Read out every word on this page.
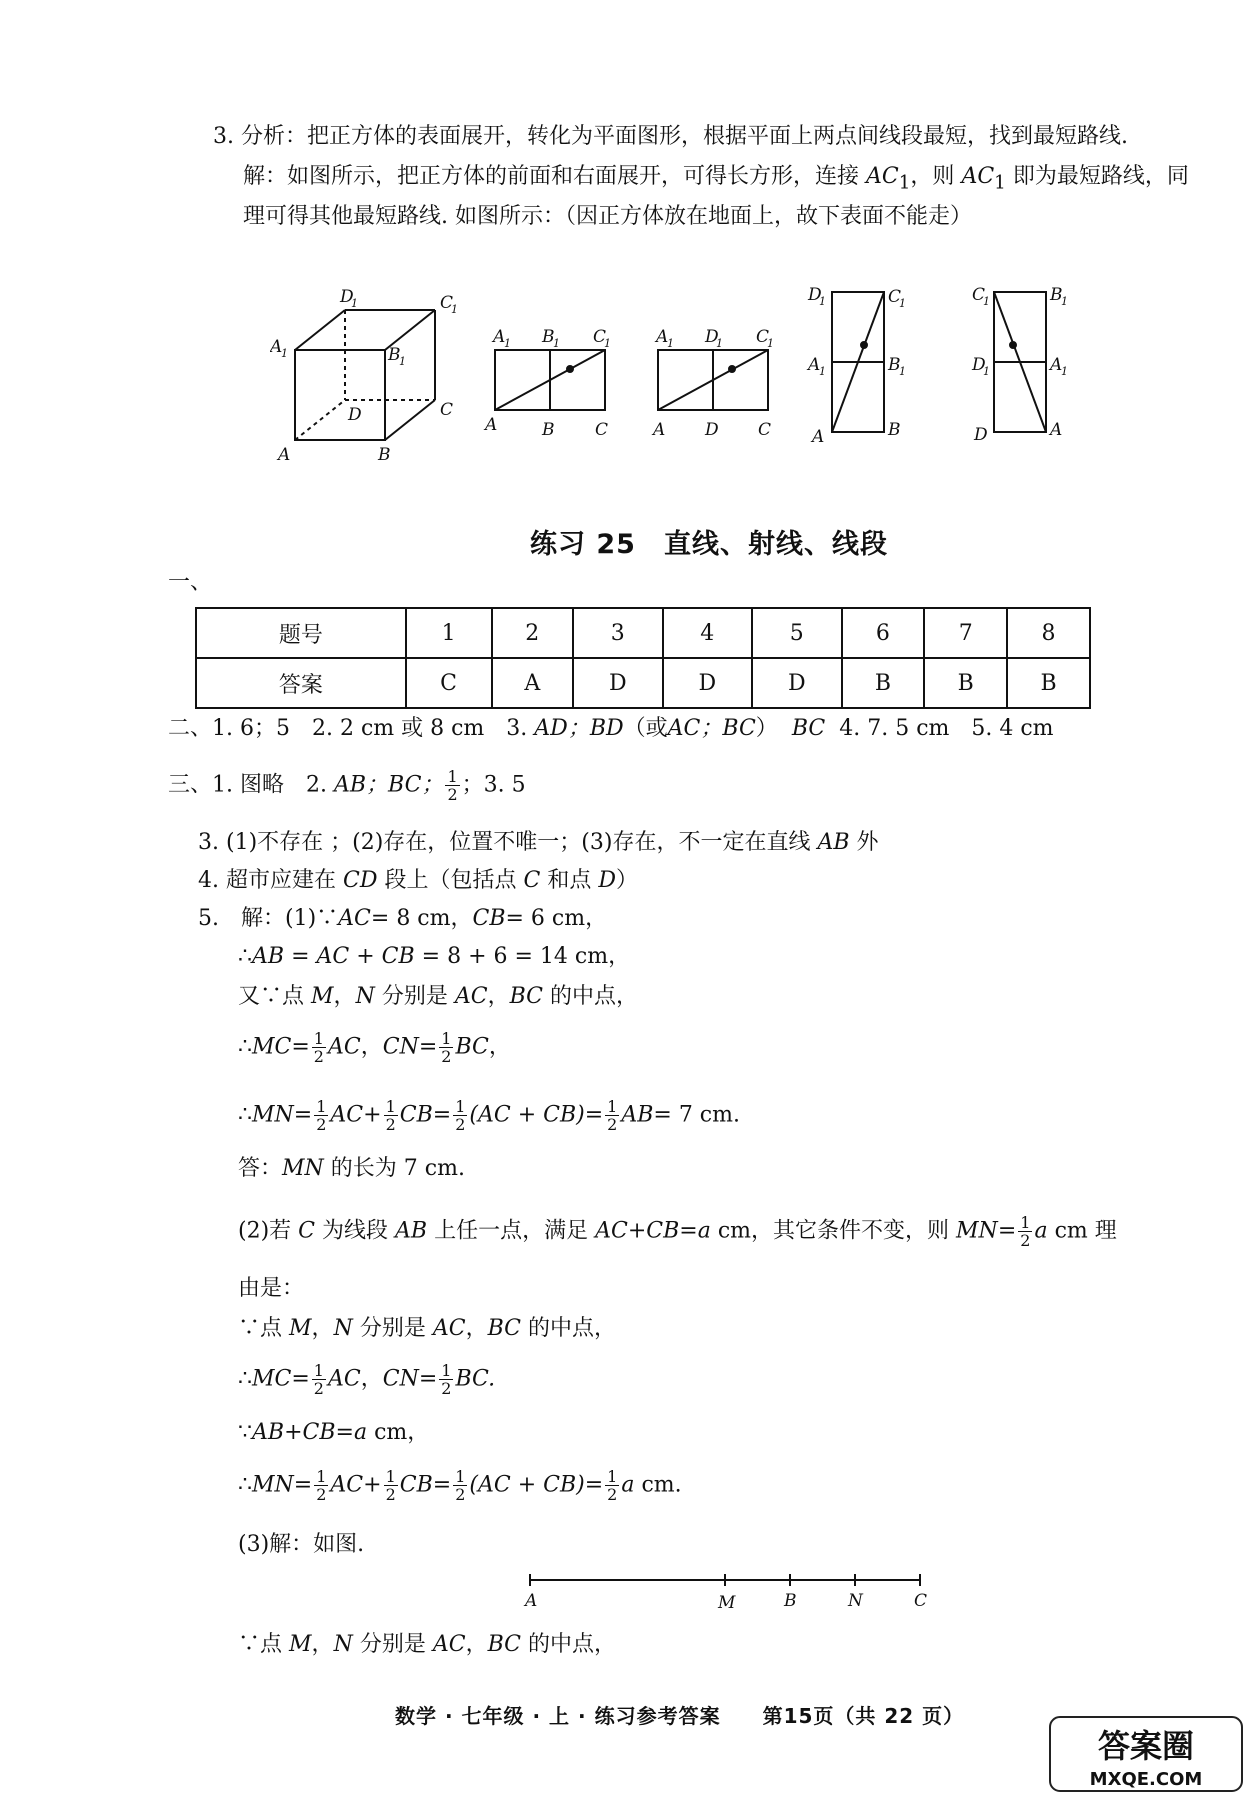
3. 分析：把正方体的表面展开，转化为平面图形，根据平面上两点间线段最短，找到最短路线.
解：如图所示，把正方体的前面和右面展开，可得长方形，连接 $AC_1$，则 $AC_1$ 即为最短路线，同
理可得其他最短路线. 如图所示：（因正方体放在地面上，故下表面不能走）
D
1	C
1
A
1	B
1
D	C
A	B
A
1 B
1 C
1
A	B C
A
1 D
1 C
1
A D C
D
1
A
1
A
C
1
B
1
B
C
1
D
1
D
B
1
A
1
A
练习 25　直线、射线、线段
一、
题号	1	2	3	4	5	6	7	8
答案	C	A	D	D	D	B	B	B
二、1. 6；5　2. 2 cm 或 8 cm　3. AD；BD（或AC；BC） BC 4. 7. 5 cm　5. 4 cm
三、1. 图略　2. AB；BC； $\frac{1}{2}$ ；3. 5
3. (1)不存在 ；(2)存在，位置不唯一；(3)存在，不一定在直线 AB 外
4. 超市应建在 CD 段上（包括点 C 和点 D）
5.　解：(1)∵AC= 8 cm，CB= 6 cm，
∴AB = AC + CB = 8 + 6 = 14 cm，
又∵点 M，N 分别是 AC，BC 的中点，
∴MC= $\frac{1}{2}$ AC，$CN= \frac{1}{2}$ BC，
∴MN= $\frac{1}{2} AC+ \frac{1}{2} CB= \frac{1}{2} (AC + CB)= \frac{1}{2} AB= 7$ cm.
答：MN 的长为 7 cm.
(2)若 C 为线段 AB 上任一点，满足 AC+CB=a cm，其它条件不变，则 $MN= \frac{1}{2}$ a cm 理
由是：
∵点 M，N 分别是 AC，BC 的中点，
∴MC= $\frac{1}{2}$ AC，$CN= \frac{1}{2}$ BC.
∵AB+CB=a cm，
∴MN= $\frac{1}{2} AC+ \frac{1}{2} CB= \frac{1}{2} (AC + CB)= \frac{1}{2}$ a cm.
(3)解：如图.
A	M	B	N	C
∵点 M，N 分别是 AC，BC 的中点，
数学 · 七年级 · 上 · 练习参考答案　　第15页（共 22 页）
答案圈
MXQE.COM
